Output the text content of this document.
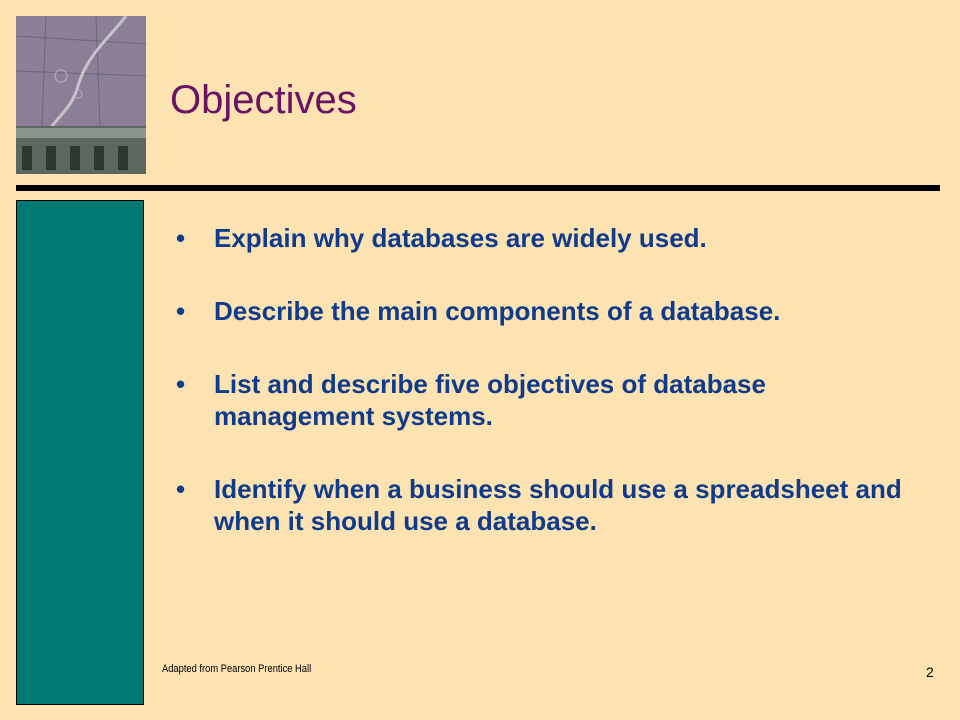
Objectives
•	Explain why databases are widely used.
•	Describe the main components of a database.
•	List and describe five objectives of database management systems.
•	Identify when a business should use a spreadsheet and when it should use a database.
Adapted from Pearson Prentice Hall	2
